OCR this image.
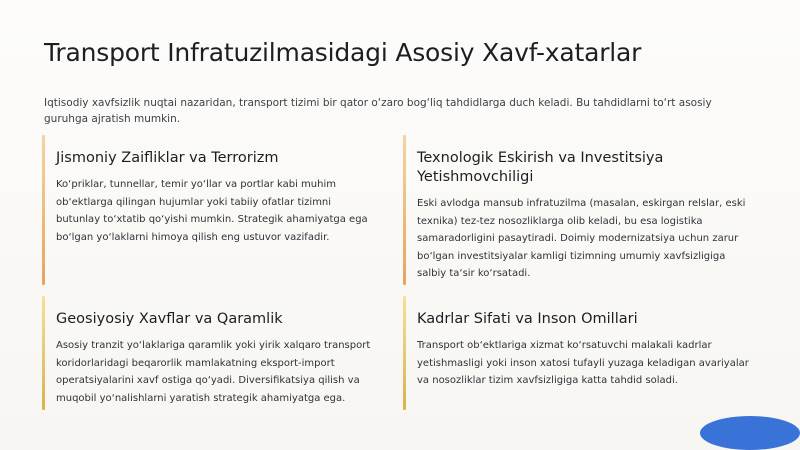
Transport Infratuzilmasidagi Asosiy Xavf-xatarlar
Iqtisodiy xavfsizlik nuqtai nazaridan, transport tizimi bir qator o‘zaro bog‘liq tahdidlarga duch keladi. Bu tahdidlarni to‘rt asosiy guruhga ajratish mumkin.
Jismoniy Zaifliklar va Terrorizm
Ko‘priklar, tunnellar, temir yo‘llar va portlar kabi muhim ob‘ektlarga qilingan hujumlar yoki tabiiy ofatlar tizimni butunlay to‘xtatib qo‘yishi mumkin. Strategik ahamiyatga ega bo‘lgan yo‘laklarni himoya qilish eng ustuvor vazifadir.
Texnologik Eskirish va Investitsiya Yetishmovchiligi
Eski avlodga mansub infratuzilma (masalan, eskirgan relslar, eski texnika) tez-tez nosozliklarga olib keladi, bu esa logistika samaradorligini pasaytiradi. Doimiy modernizatsiya uchun zarur bo‘lgan investitsiyalar kamligi tizimning umumiy xavfsizligiga salbiy ta‘sir ko‘rsatadi.
Geosiyosiy Xavflar va Qaramlik
Asosiy tranzit yo‘laklariga qaramlik yoki yirik xalqaro transport koridorlaridagi beqarorlik mamlakatning eksport-import operatsiyalarini xavf ostiga qo‘yadi. Diversifikatsiya qilish va muqobil yo‘nalishlarni yaratish strategik ahamiyatga ega.
Kadrlar Sifati va Inson Omillari
Transport ob‘ektlariga xizmat ko‘rsatuvchi malakali kadrlar yetishmasligi yoki inson xatosi tufayli yuzaga keladigan avariyalar va nosozliklar tizim xavfsizligiga katta tahdid soladi.
